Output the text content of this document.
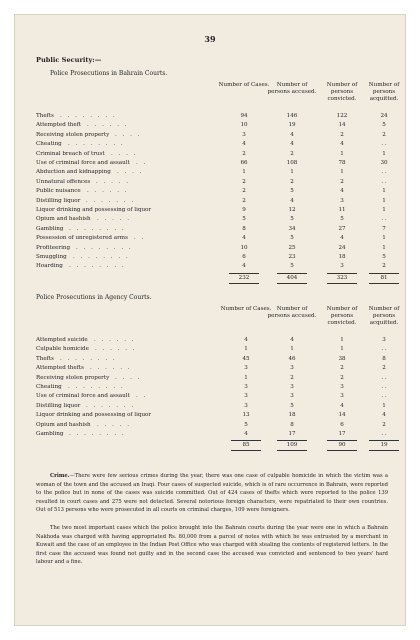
39
Public Security:—
Police Prosecutions in Bahrain Courts.
Number of Cases.	Number of persons accused.
Number of persons convicted.
Number of persons acquitted.
Thefts . . . . . . . .	94	146	122	24
Attempted theft . . . . . .	10	19	14	5
Receiving stolen property . . . .	3	4	2	2
Cheating . . . . . . . .	4	4	4	. .
Criminal breach of trust . . . .	2	2	1	1
Use of criminal force and assault . .	66	108	78	30
Abduction and kidnapping . . . .	1	1	1	. .
Unnatural offences . . . . .	2	2	2	. .
Public nuisance . . . . . .	2	5	4	1
Distilling liquor . . . . . . .	2	4	3	1
Liquor drinking and possessing of liquor	9	12	11	1
Opium and hashish . . . . .	5	5	5	. .
Gambling . . . . . . . .	8	34	27	7
Possession of unregistered arms . .	4	5	4	1
Profiteering . . . . . . . .	10	25	24	1
Smuggling . . . . . . . .	6	23	18	5
Hoarding . . . . . . . .	4	5	3	2
232	404	323	81
Police Prosecutions in Agency Courts.
Number of Cases. Number of persons accused.
Number of persons convicted.
Number of persons acquitted.
Attempted suicide . . . . . .	4	4	1	3
Culpable homicide . . . . . .	1	1	1	. .
Thefts . . . . . . . .	45	46	38	8
Attempted thefts . . . . . .	3	3	2	2
Receiving stolen property . . . .	1	2	2	. .
Cheating . . . . . . . .	3	3	3	. .
Use of criminal force and assault . .	3	3	3	. .
Distilling liquor . . . . . . .	3	5	4	1
Liquor drinking and possessing of liquor	13	18	14	4
Opium and hashish . . . . .	5	8	6	2
Gambling . . . . . . . .	4	17	17	. .
85	109	90	19
Crime.—There were few serious crimes during the year, there was one case of culpable homicide in which the victim was a woman of the town and the accused an Iraqi. Four cases of suspected suicide, which is of rare occurrence in Bahrain, were reported to the police but in none of the cases was suicide committed. Out of 424 cases of thefts which were reported to the police 139 resulted in court cases and 275 were not detected. Several notorious foreign characters, were repatriated to their own countries. Out of 513 persons who were prosecuted in all courts on criminal charges, 109 were foreigners.
The two most important cases which the police brought into the Bahrain courts during the year were one in which a Bahrain Nakhoda was charged with having appropriated Rs. 80,000 from a parcel of notes with which he was entrusted by a merchant in Kuwait and the case of an employee in the Indian Post Office who was charged with stealing the contents of registered letters. In the first case the accused was found not guilty and in the second case the accused was convicted and sentenced to two years' hard labour and a fine.
